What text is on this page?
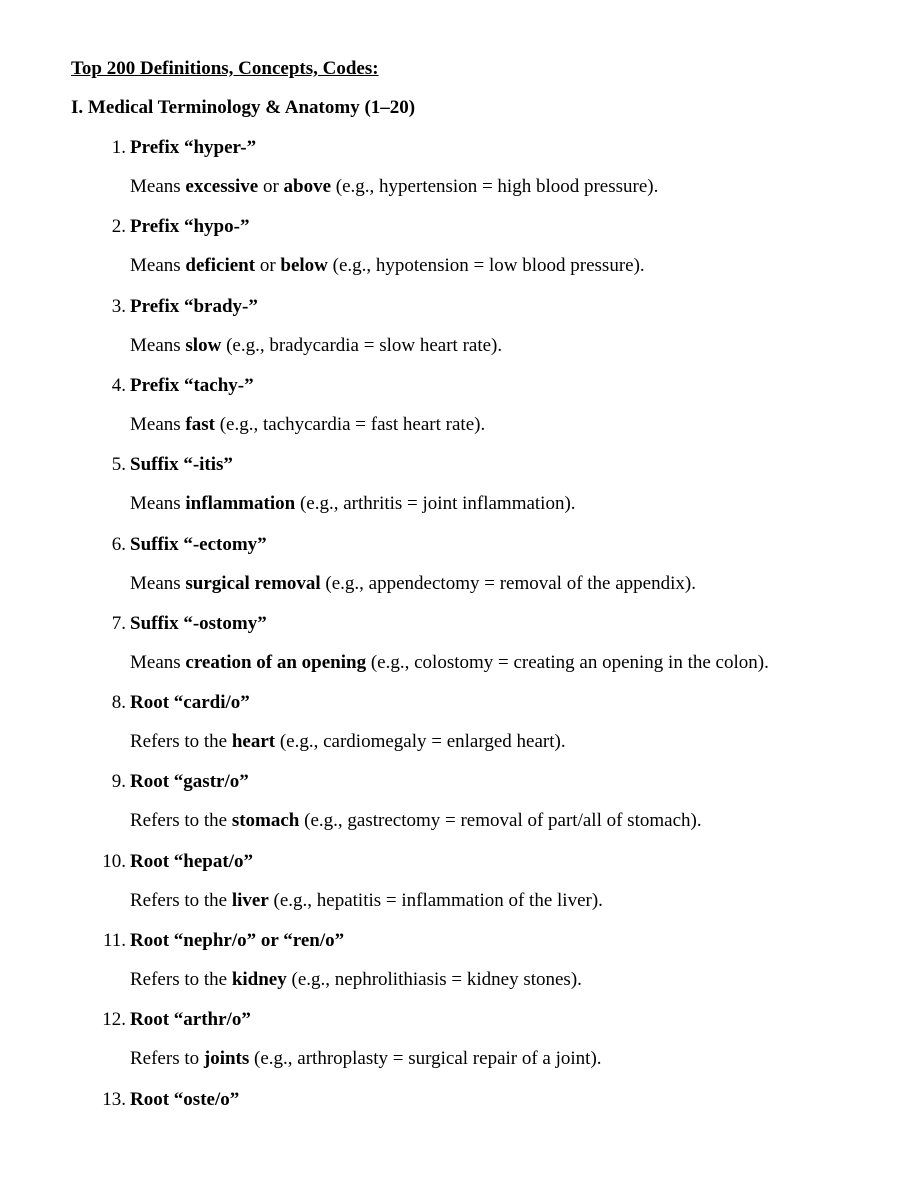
Top 200 Definitions, Concepts, Codes:
I. Medical Terminology & Anatomy (1–20)
1. Prefix “hyper-”
Means excessive or above (e.g., hypertension = high blood pressure).
2. Prefix “hypo-”
Means deficient or below (e.g., hypotension = low blood pressure).
3. Prefix “brady-”
Means slow (e.g., bradycardia = slow heart rate).
4. Prefix “tachy-”
Means fast (e.g., tachycardia = fast heart rate).
5. Suffix “-itis”
Means inflammation (e.g., arthritis = joint inflammation).
6. Suffix “-ectomy”
Means surgical removal (e.g., appendectomy = removal of the appendix).
7. Suffix “-ostomy”
Means creation of an opening (e.g., colostomy = creating an opening in the colon).
8. Root “cardi/o”
Refers to the heart (e.g., cardiomegaly = enlarged heart).
9. Root “gastr/o”
Refers to the stomach (e.g., gastrectomy = removal of part/all of stomach).
10. Root “hepat/o”
Refers to the liver (e.g., hepatitis = inflammation of the liver).
11. Root “nephr/o” or “ren/o”
Refers to the kidney (e.g., nephrolithiasis = kidney stones).
12. Root “arthr/o”
Refers to joints (e.g., arthroplasty = surgical repair of a joint).
13. Root “oste/o”
